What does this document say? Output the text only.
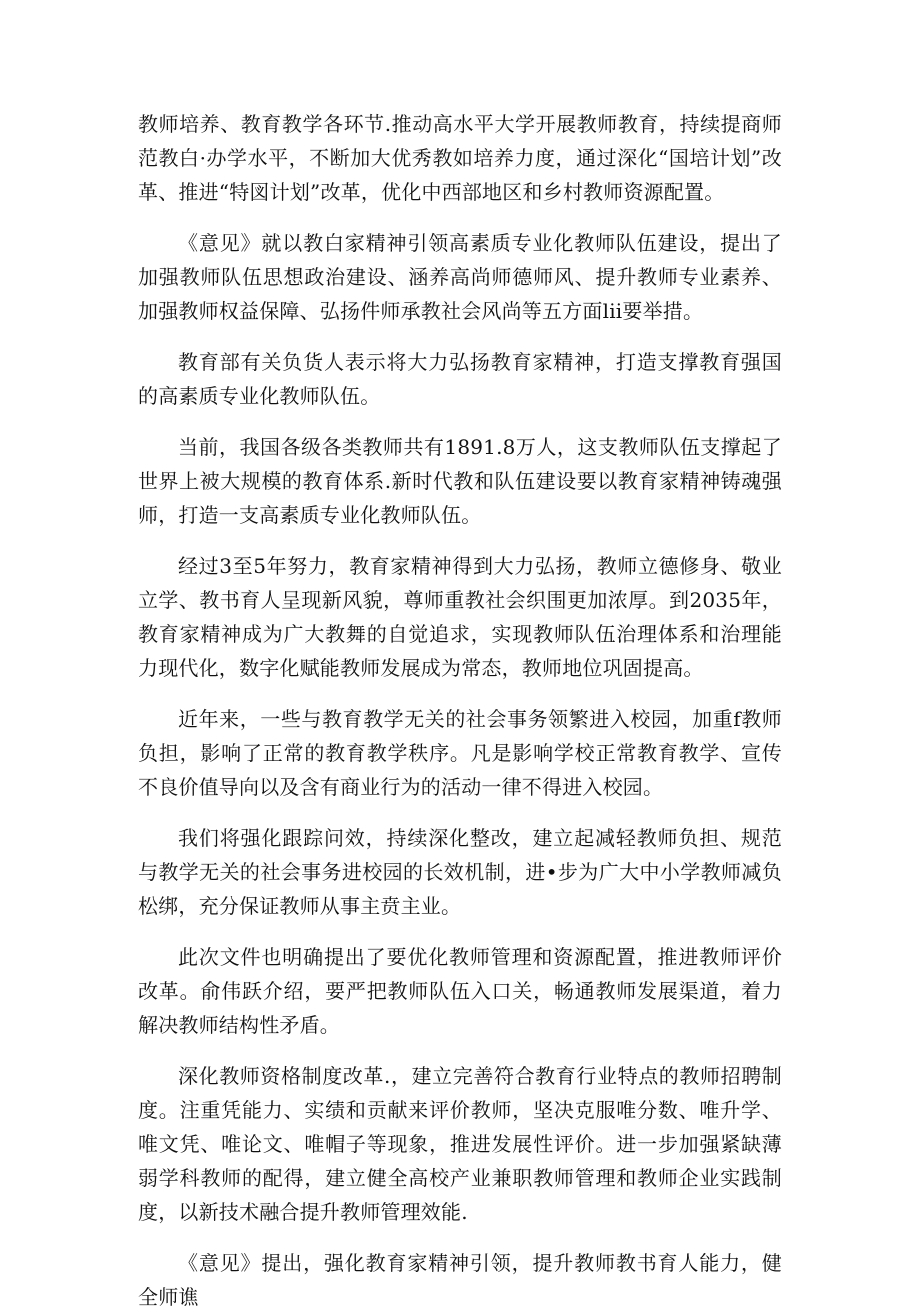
教师培养、教育教学各环节.推动高水平大学开展教师教育，持续提商师范教白·办学水平，不断加大优秀教如培养力度，通过深化“国培计划”改革、推进“特図计划”改革，优化中西部地区和乡村教师资源配置。

《意见》就以教白家精神引领高素质专业化教师队伍建设，提出了加强教师队伍思想政治建设、涵养高尚师德师风、提升教师专业素养、加强教师权益保障、弘扬件师承教社会风尚等五方面lii要举措。

教育部有关负货人表示将大力弘扬教育家精神，打造支撑教育强国的高素质专业化教师队伍。

当前，我国各级各类教师共有1891.8万人，这支教师队伍支撑起了世界上被大规模的教育体系.新时代教和队伍建设要以教育家精神铸魂强师，打造一支高素质专业化教师队伍。

经过3至5年努力，教育家精神得到大力弘扬，教师立德修身、敬业立学、教书育人呈现新风貌，尊师重教社会织围更加浓厚。到2035年，教育家精神成为广大教舞的自觉追求，实现教师队伍治理体系和治理能力现代化，数字化赋能教师发展成为常态，教师地位巩固提高。

近年来，一些与教育教学无关的社会事务领繁进入校园，加重f教师负担，影响了正常的教育教学秩序。凡是影响学校正常教育教学、宣传不良价值导向以及含有商业行为的活动一律不得进入校园。

我们将强化跟踪问效，持续深化整改，建立起减轻教师负担、规范与教学无关的社会事务进校园的长效机制，进•步为广大中小学教师减负松绑，充分保证教师从事主贲主业。

此次文件也明确提出了要优化教师管理和资源配置，推进教师评价改革。俞伟跃介绍，要严把教师队伍入口关，畅通教师发展渠道，着力解决教师结构性矛盾。

深化教师资格制度改革.，建立完善符合教育行业特点的教师招聘制度。注重凭能力、实绩和贡献来评价教师，坚决克服唯分数、唯升学、唯文凭、唯论文、唯帽子等现象，推进发展性评价。进一步加强紧缺薄弱学科教师的配得，建立健全高校产业兼职教师管理和教师企业实践制度，以新技术融合提升教师管理效能.

《意见》提出，强化教育家精神引领，提升教师教书育人能力，健全师谯
